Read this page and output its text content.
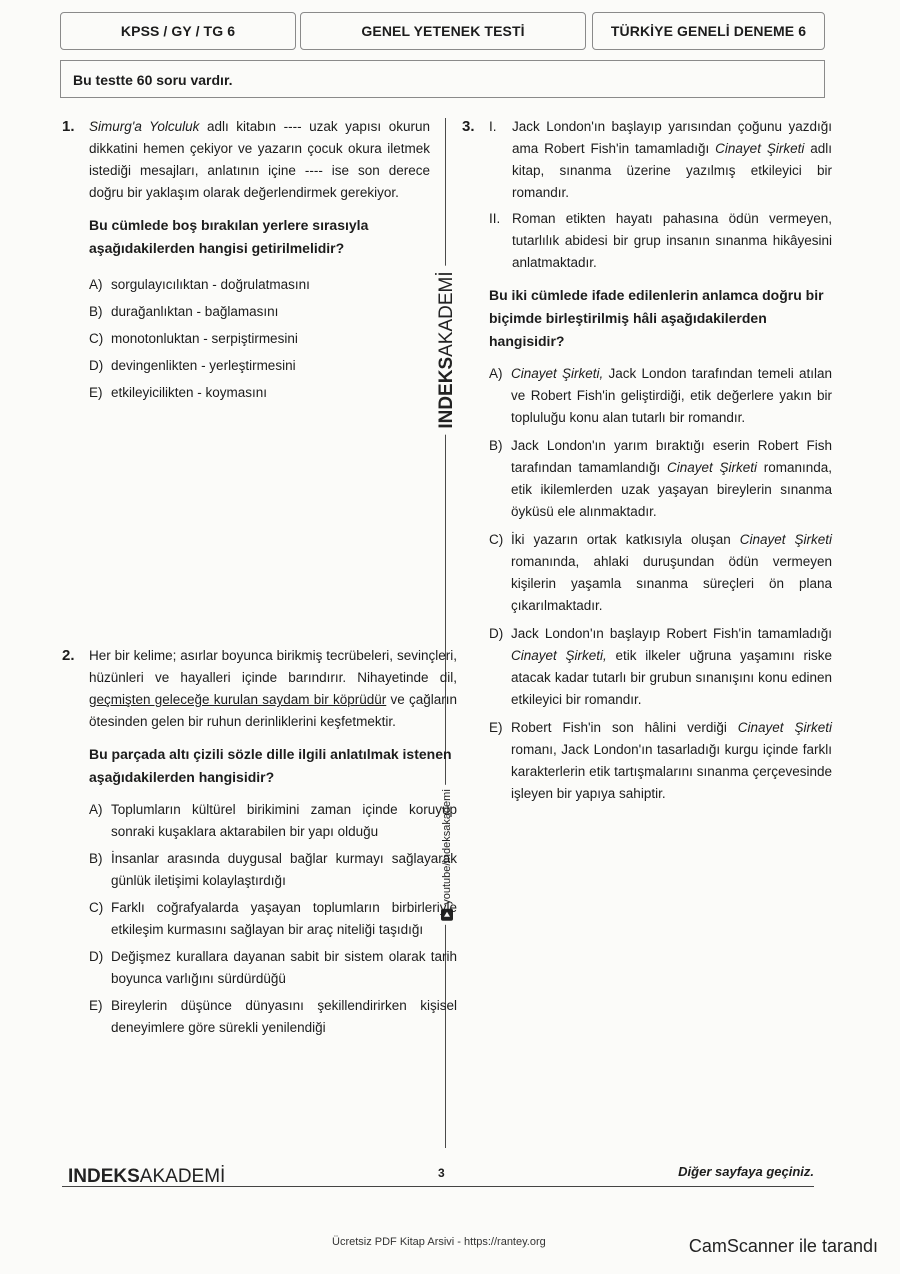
KPSS / GY / TG 6	GENEL YETENEK TESTİ	TÜRKİYE GENELİ DENEME 6
Bu testte 60 soru vardır.
INDEKSAKADEMİ
youtube/indeksakademi
1. Simurg'a Yolculuk adlı kitabın ---- uzak yapısı okurun dikkatini hemen çekiyor ve yazarın çocuk okura iletmek istediği mesajları, anlatının içine ---- ise son derece doğru bir yaklaşım olarak değerlendirmek gerekiyor.
Bu cümlede boş bırakılan yerlere sırasıyla aşağıdakilerden hangisi getirilmelidir?
A) sorgulayıcılıktan - doğrulatmasını
B) durağanlıktan - bağlamasını
C) monotonluktan - serpiştirmesini
D) devingenlikten - yerleştirmesini
E) etkileyicilikten - koymasını
2. Her bir kelime; asırlar boyunca birikmiş tecrübeleri, sevinçleri, hüzünleri ve hayalleri içinde barındırır. Nihayetinde dil, geçmişten geleceğe kurulan saydam bir köprüdür ve çağların ötesinden gelen bir ruhun derinliklerini keşfetmektir.
Bu parçada altı çizili sözle dille ilgili anlatılmak istenen aşağıdakilerden hangisidir?
A) Toplumların kültürel birikimini zaman içinde koruyup sonraki kuşaklara aktarabilen bir yapı olduğu
B) İnsanlar arasında duygusal bağlar kurmayı sağlayarak günlük iletişimi kolaylaştırdığı
C) Farklı coğrafyalarda yaşayan toplumların birbirleriyle etkileşim kurmasını sağlayan bir araç niteliği taşıdığı
D) Değişmez kurallara dayanan sabit bir sistem olarak tarih boyunca varlığını sürdürdüğü
E) Bireylerin düşünce dünyasını şekillendirirken kişisel deneyimlere göre sürekli yenilendiği
3. I. Jack London'ın başlayıp yarısından çoğunu yazdığı ama Robert Fish'in tamamladığı Cinayet Şirketi adlı kitap, sınanma üzerine yazılmış etkileyici bir romandır.
II. Roman etikten hayatı pahasına ödün vermeyen, tutarlılık abidesi bir grup insanın sınanma hikâyesini anlatmaktadır.
Bu iki cümlede ifade edilenlerin anlamca doğru bir biçimde birleştirilmiş hâli aşağıdakilerden hangisidir?
A) Cinayet Şirketi, Jack London tarafından temeli atılan ve Robert Fish'in geliştirdiği, etik değerlere yakın bir topluluğu konu alan tutarlı bir romandır.
B) Jack London'ın yarım bıraktığı eserin Robert Fish tarafından tamamlandığı Cinayet Şirketi romanında, etik ikilemlerden uzak yaşayan bireylerin sınanma öyküsü ele alınmaktadır.
C) İki yazarın ortak katkısıyla oluşan Cinayet Şirketi romanında, ahlaki duruşundan ödün vermeyen kişilerin yaşamla sınanma süreçleri ön plana çıkarılmaktadır.
D) Jack London'ın başlayıp Robert Fish'in tamamladığı Cinayet Şirketi, etik ilkeler uğruna yaşamını riske atacak kadar tutarlı bir grubun sınanışını konu edinen etkileyici bir romandır.
E) Robert Fish'in son hâlini verdiği Cinayet Şirketi romanı, Jack London'ın tasarladığı kurgu içinde farklı karakterlerin etik tartışmalarını sınanma çerçevesinde işleyen bir yapıya sahiptir.
INDEKSAKADEMİ	3	Diğer sayfaya geçiniz.
Ücretsiz PDF Kitap Arsivi - https://rantey.org	CamScanner ile tarandı
